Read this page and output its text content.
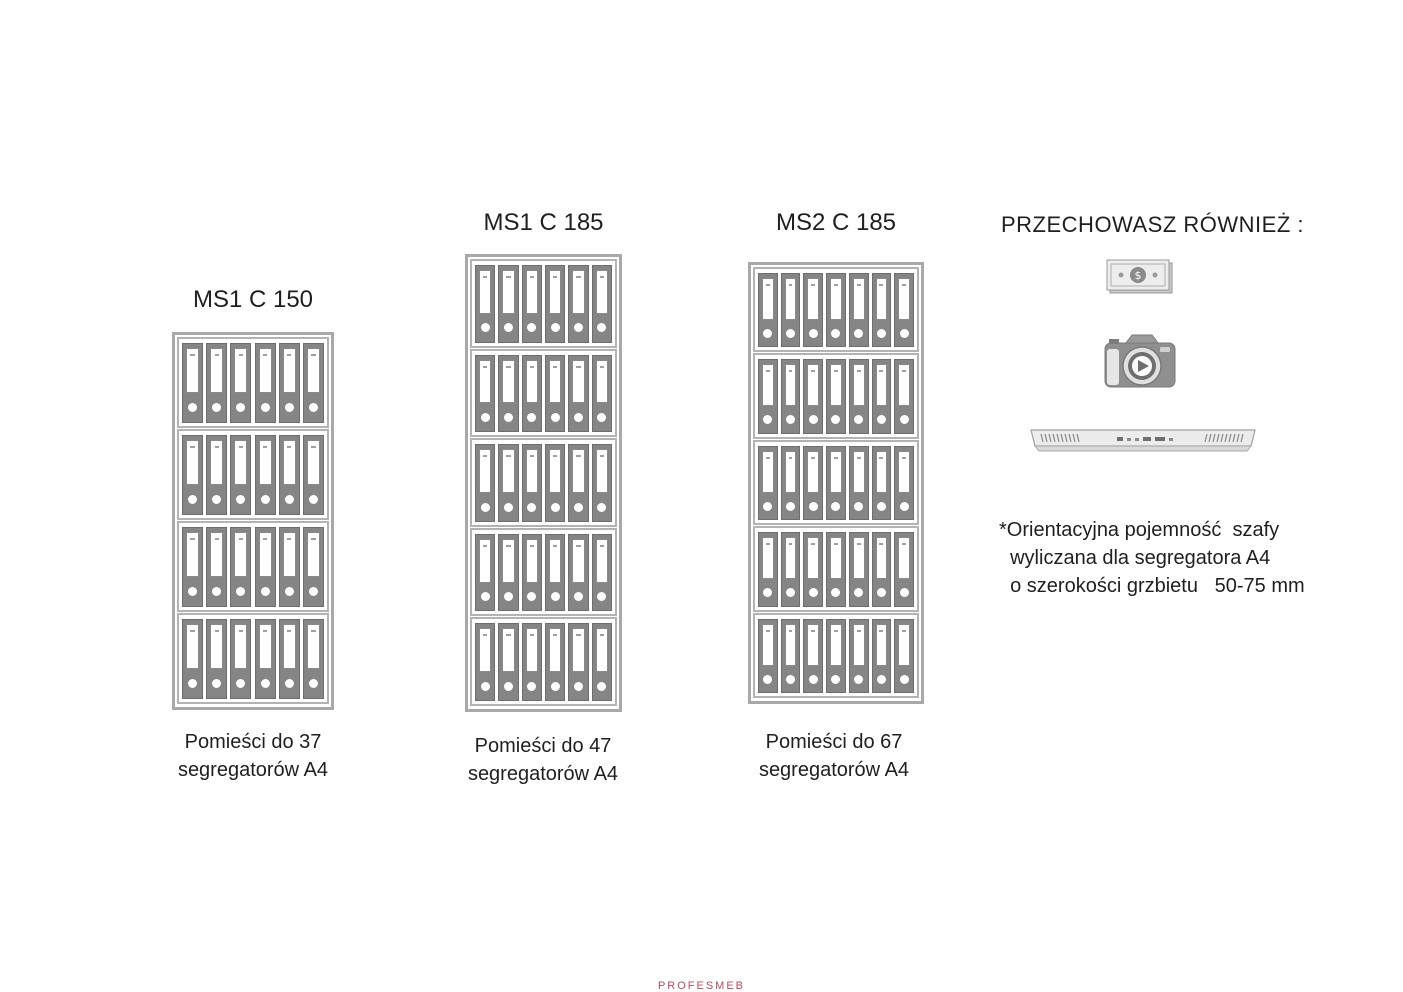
MS1 C 150
Pomieści do 37
segregatorów A4
MS1 C 185
Pomieści do 47
segregatorów A4
MS2 C 185
Pomieści do 67
segregatorów A4
PRZECHOWASZ RÓWNIEŻ :
$
*Orientacyjna pojemność  szafy
wyliczana dla segregatora A4
o szerokości grzbietu   50-75 mm
PROFESMEB
